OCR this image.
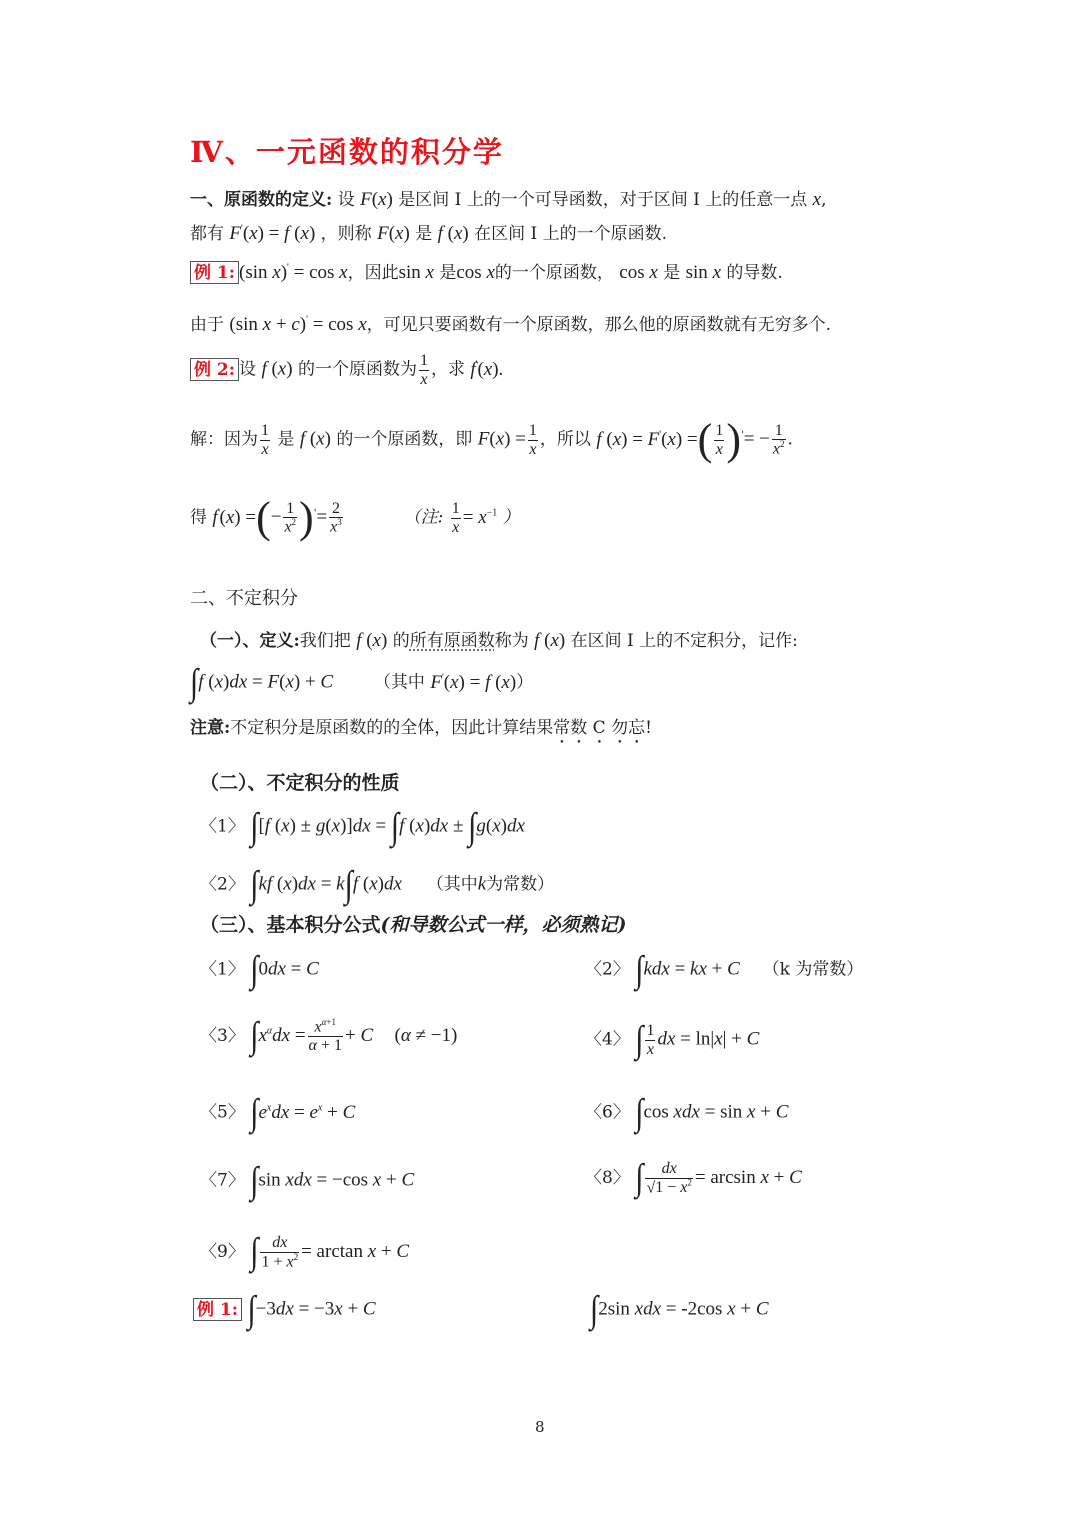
Ⅳ、一元函数的积分学
一、原函数的定义: 设 F(x) 是区间 I 上的一个可导函数，对于区间 I 上的任意一点 x,
都有 F'(x) = f (x) ，则称 F(x) 是 f (x) 在区间 I 上的一个原函数.
例 1: (sin x)' = cos x，因此sin x 是cos x的一个原函数， cos x 是 sin x 的导数.
由于 (sin x + c)' = cos x，可见只要函数有一个原函数，那么他的原函数就有无穷多个.
例 2: 设 f (x) 的一个原函数为 $\frac{1}{x}$ ，求 f'(x).
解：因为 $\frac{1}{x}$ 是 f (x) 的一个原函数，即 $F(x) = \frac{1}{x}$ ，所以 f (x) = F'(x) =( $\frac{1}{x} )'= - \frac{1}{x^2}$ .
得 f'(x) =(− $\frac{1}{x^2} )'= \frac{2}{x^3}$	（注: $\frac{1}{x} = x^{-1}$ ）
二、不定积分
（一）、定义:我们把 f (x) 的所有原函数称为 f (x) 在区间 I 上的不定积分，记作:
∫f (x)dx = F(x) + C （其中 F'(x) = f (x)）
注意:不定积分是原函数的的全体，因此计算结果常数 C 勿忘!
（二）、不定积分的性质
〈1〉 ∫[f (x) ± g(x)]dx = ∫f (x)dx ± ∫g(x)dx
〈2〉 ∫kf (x)dx = k∫f (x)dx （其中k为常数）
（三）、基本积分公式(和导数公式一样，必须熟记)
〈1〉 ∫0dx = C	〈2〉 ∫kdx = kx + C （k 为常数）
〈3〉 $\int x^\alpha dx = \frac{x^{\alpha+1}}{\alpha + 1} + C$ (α ≠ −1)	〈4〉 ∫ $\frac{1}{x}$ dx = ln|x| + C
〈5〉 $\int e^xdx = e^x + C$	〈6〉 ∫cos xdx = sin x + C
〈7〉 ∫sin xdx = −cos x + C	〈8〉 ∫ $\frac{dx}{√1 - x^2} = \arcsin x + C$
〈9〉 ∫ $\frac{dx}{1 + x^2} = \arctan x + C$
例 1: ∫−3dx = −3x + C	∫2sin xdx = -2cos x + C
8
